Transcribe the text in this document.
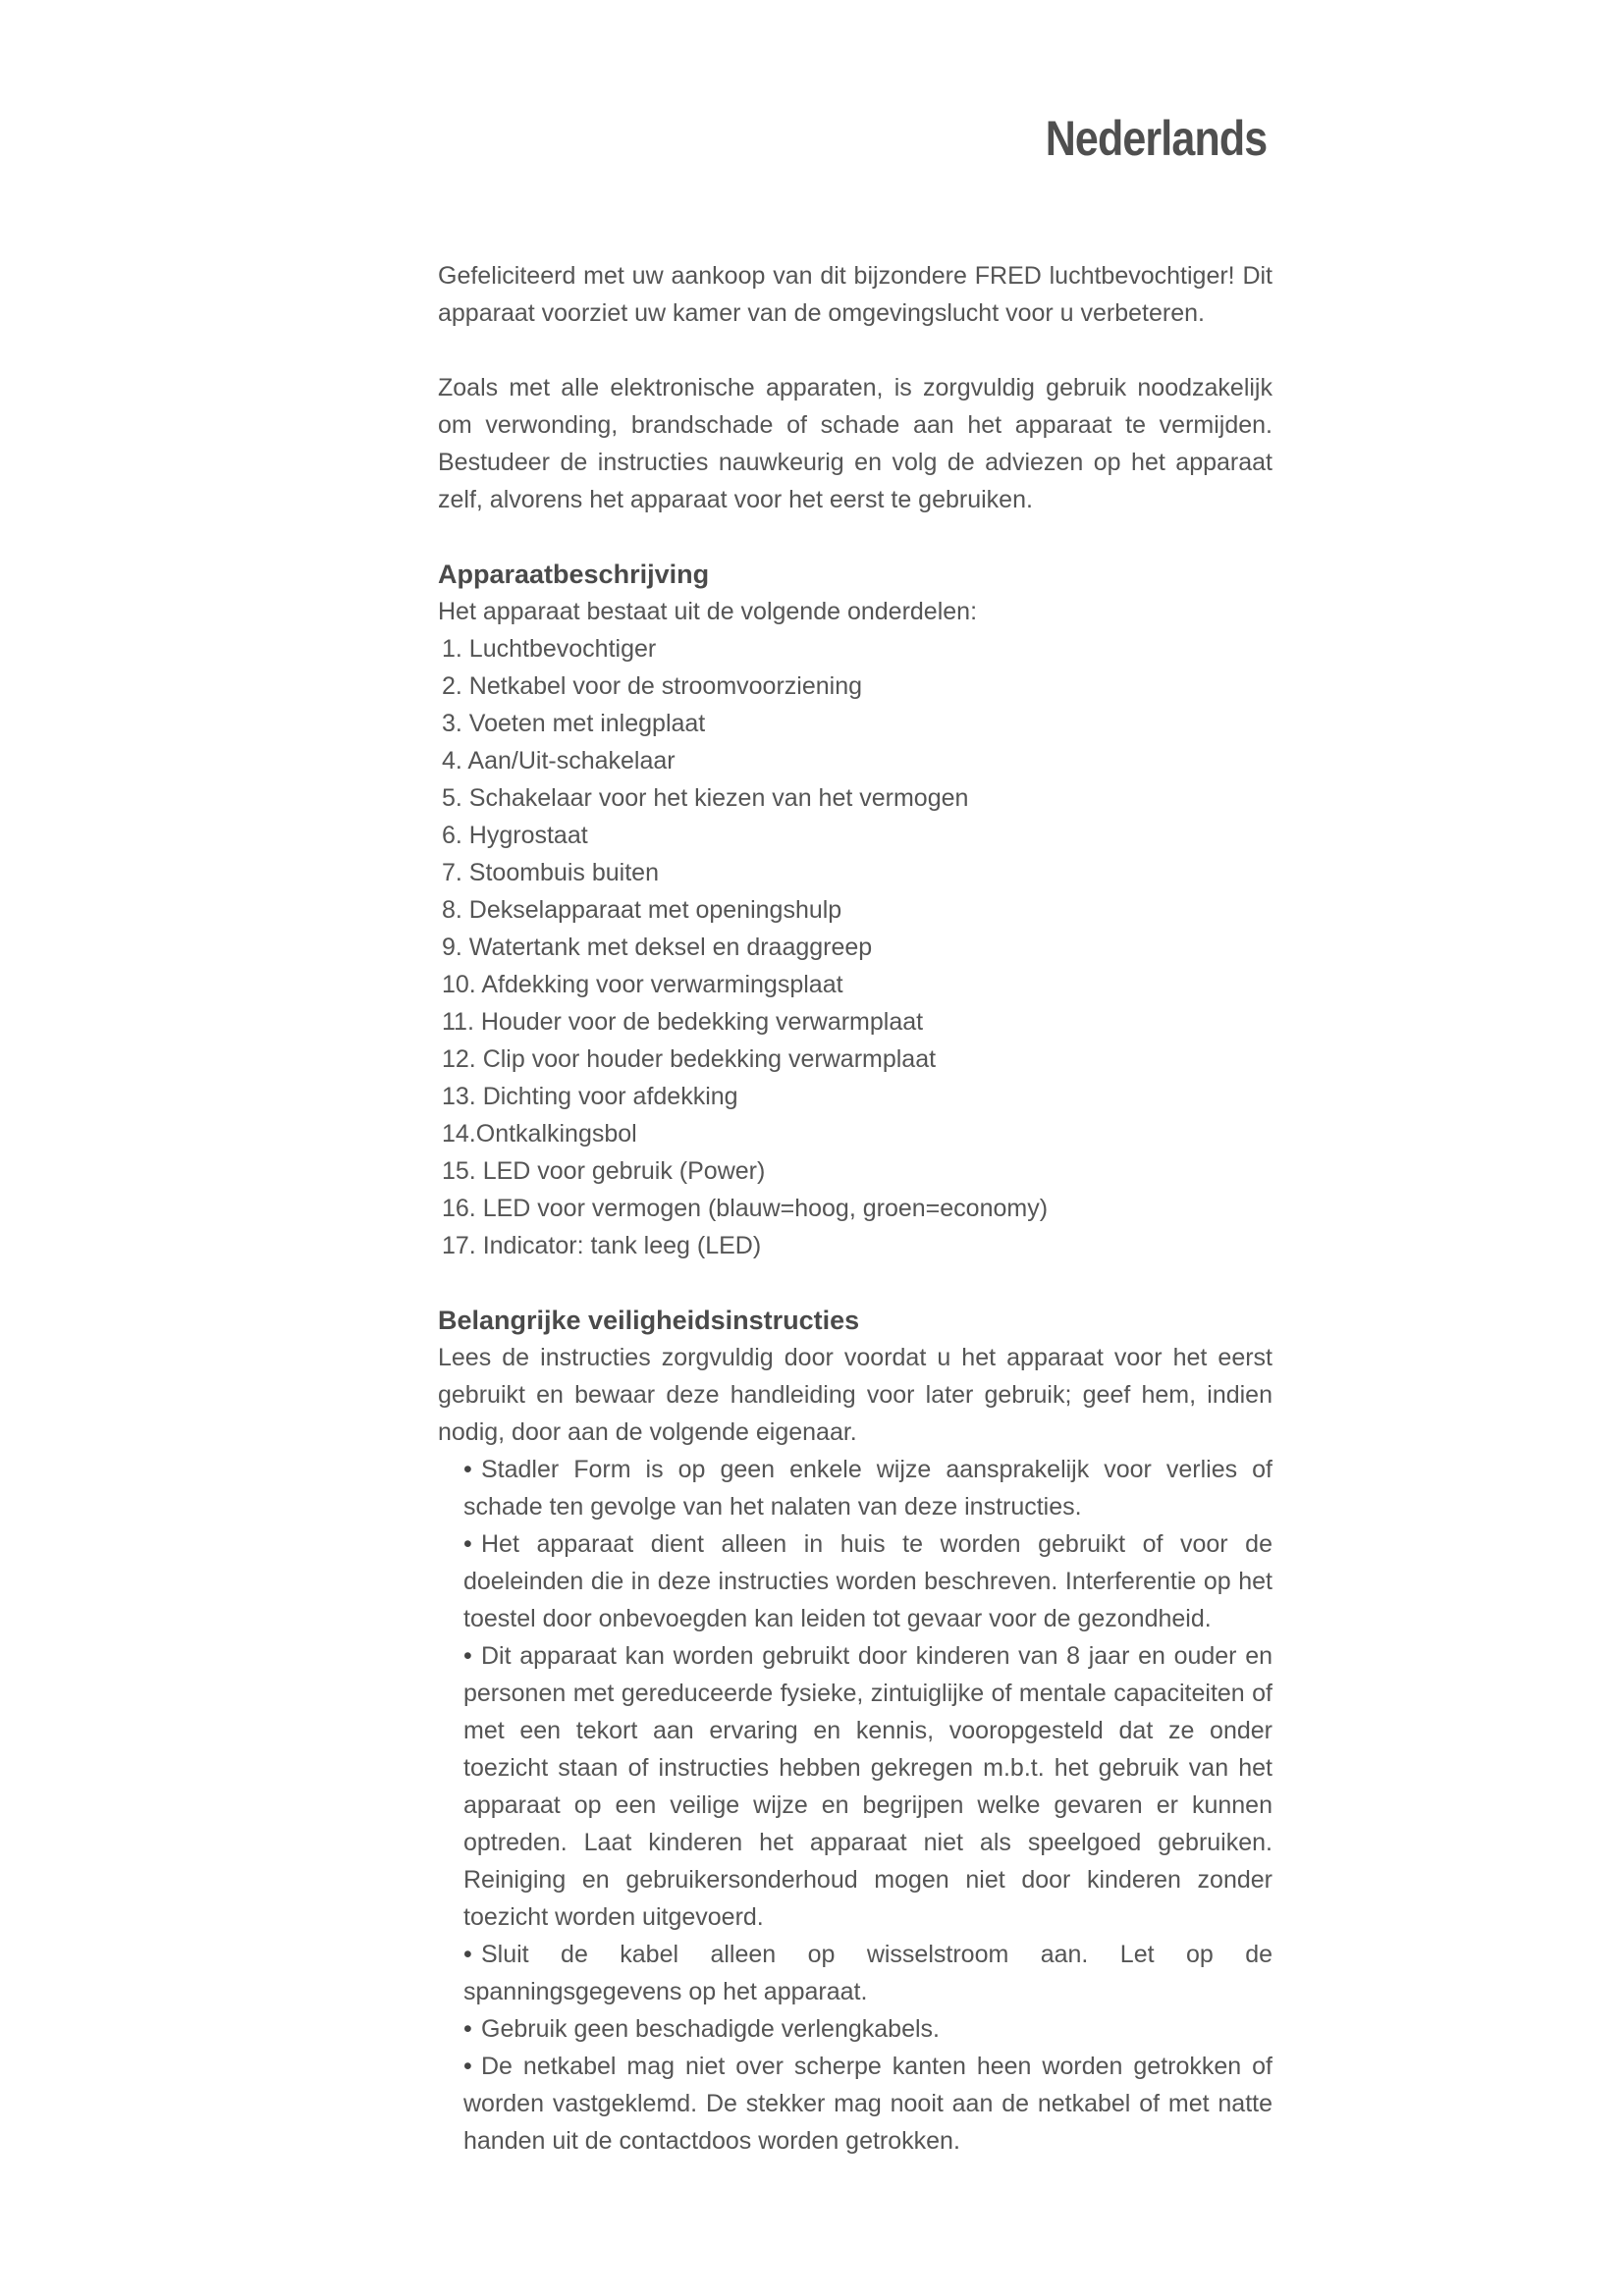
Nederlands

Gefeliciteerd met uw aankoop van dit bijzondere FRED luchtbevochtiger! Dit apparaat voorziet uw kamer van de omgevingslucht voor u verbeteren.

Zoals met alle elektronische apparaten, is zorgvuldig gebruik noodzakelijk om verwonding, brandschade of schade aan het apparaat te vermijden. Bestudeer de instructies nauwkeurig en volg de adviezen op het apparaat zelf, alvorens het apparaat voor het eerst te gebruiken.

Apparaatbeschrijving

Het apparaat bestaat uit de volgende onderdelen:

1. Luchtbevochtiger
2. Netkabel voor de stroomvoorziening
3. Voeten met inlegplaat
4. Aan/Uit-schakelaar
5. Schakelaar voor het kiezen van het vermogen
6. Hygrostaat
7. Stoombuis buiten
8. Dekselapparaat met openingshulp
9. Watertank met deksel en draaggreep
10. Afdekking voor verwarmingsplaat
11. Houder voor de bedekking verwarmplaat
12. Clip voor houder bedekking verwarmplaat
13. Dichting voor afdekking
14.Ontkalkingsbol
15. LED voor gebruik (Power)
16. LED voor vermogen (blauw=hoog, groen=economy)
17. Indicator: tank leeg (LED)
Belangrijke veiligheidsinstructies

Lees de instructies zorgvuldig door voordat u het apparaat voor het eerst gebruikt en bewaar deze handleiding voor later gebruik; geef hem, indien nodig, door aan de volgende eigenaar.

• Stadler Form is op geen enkele wijze aansprakelijk voor verlies of schade ten gevolge van het nalaten van deze instructies.
• Het apparaat dient alleen in huis te worden gebruikt of voor de doeleinden die in deze instructies worden beschreven. Interferentie op het toestel door onbevoegden kan leiden tot gevaar voor de gezondheid.
• Dit apparaat kan worden gebruikt door kinderen van 8 jaar en ouder en personen met gereduceerde fysieke, zintuiglijke of mentale capaciteiten of met een tekort aan ervaring en kennis, vooropgesteld dat ze onder toezicht staan of instructies hebben gekregen m.b.t. het gebruik van het apparaat op een veilige wijze en begrijpen welke gevaren er kunnen optreden. Laat kinderen het apparaat niet als speelgoed gebruiken. Reiniging en gebruikersonderhoud mogen niet door kinderen zonder toezicht worden uitgevoerd.
• Sluit de kabel alleen op wisselstroom aan. Let op de spanningsgegevens op het apparaat.
• Gebruik geen beschadigde verlengkabels.
• De netkabel mag niet over scherpe kanten heen worden getrokken of worden vastgeklemd. De stekker mag nooit aan de netkabel of met natte handen uit de contactdoos worden getrokken.
